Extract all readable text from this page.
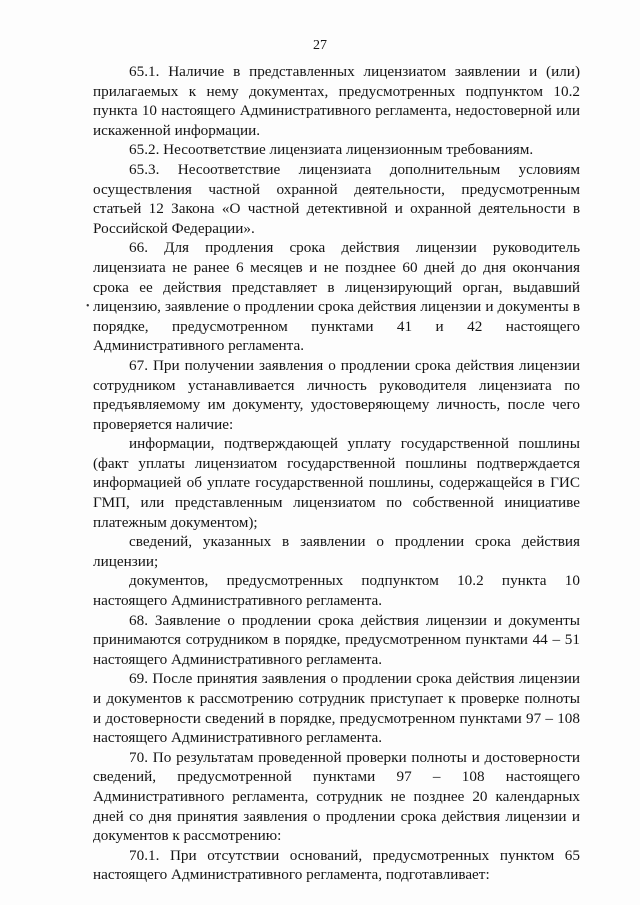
27
•

65.1. Наличие в представленных лицензиатом заявлении и (или) прилагаемых к нему документах, предусмотренных подпунктом 10.2 пункта 10 настоящего Административного регламента, недостоверной или искаженной информации.

65.2. Несоответствие лицензиата лицензионным требованиям.

65.3. Несоответствие лицензиата дополнительным условиям осуществления частной охранной деятельности, предусмотренным статьей 12 Закона «О частной детективной и охранной деятельности в Российской Федерации».

66. Для продления срока действия лицензии руководитель лицензиата не ранее 6 месяцев и не позднее 60 дней до дня окончания срока ее действия представляет в лицензирующий орган, выдавший лицензию, заявление о продлении срока действия лицензии и документы в порядке, предусмотренном пунктами 41 и 42 настоящего Административного регламента.

67. При получении заявления о продлении срока действия лицензии сотрудником устанавливается личность руководителя лицензиата по предъявляемому им документу, удостоверяющему личность, после чего проверяется наличие:

информации, подтверждающей уплату государственной пошлины (факт уплаты лицензиатом государственной пошлины подтверждается информацией об уплате государственной пошлины, содержащейся в ГИС ГМП, или представленным лицензиатом по собственной инициативе платежным документом);

сведений, указанных в заявлении о продлении срока действия лицензии;

документов, предусмотренных подпунктом 10.2 пункта 10 настоящего Административного регламента.

68. Заявление о продлении срока действия лицензии и документы принимаются сотрудником в порядке, предусмотренном пунктами 44 – 51 настоящего Административного регламента.

69. После принятия заявления о продлении срока действия лицензии и документов к рассмотрению сотрудник приступает к проверке полноты и достоверности сведений в порядке, предусмотренном пунктами 97 – 108 настоящего Административного регламента.

70. По результатам проведенной проверки полноты и достоверности сведений, предусмотренной пунктами 97 – 108 настоящего Административного регламента, сотрудник не позднее 20 календарных дней со дня принятия заявления о продлении срока действия лицензии и документов к рассмотрению:

70.1. При отсутствии оснований, предусмотренных пунктом 65 настоящего Административного регламента, подготавливает:
